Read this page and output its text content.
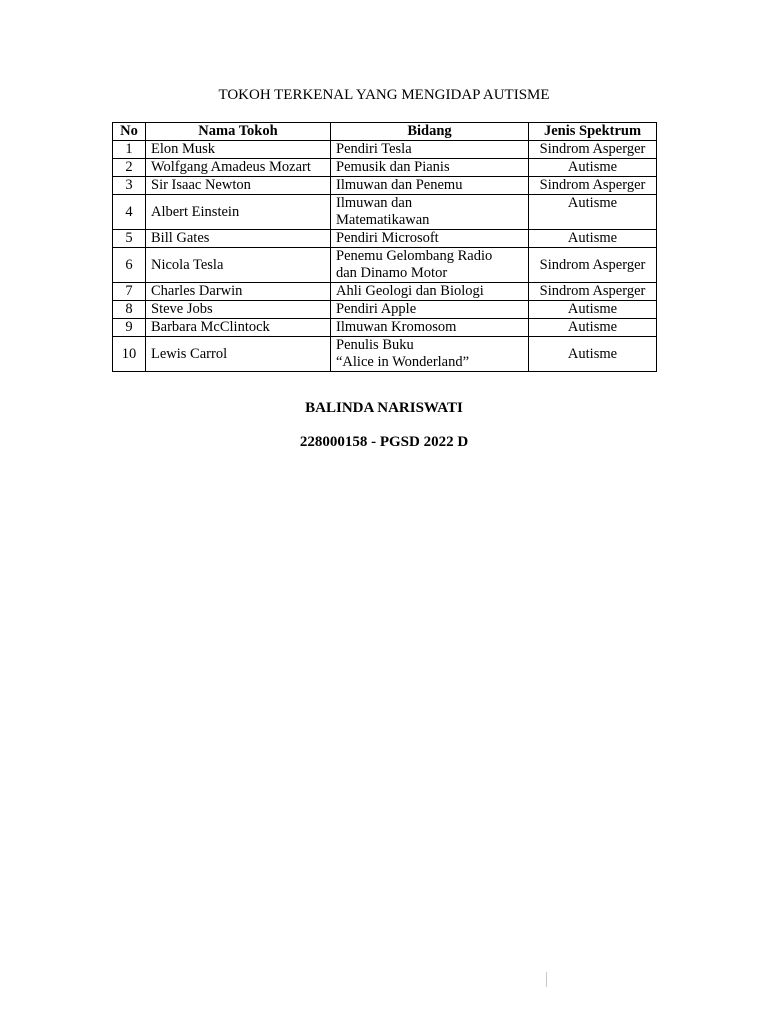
TOKOH TERKENAL YANG MENGIDAP AUTISME
No	Nama Tokoh	Bidang	Jenis Spektrum
1	Elon Musk	Pendiri Tesla	Sindrom Asperger
2	Wolfgang Amadeus Mozart	Pemusik dan Pianis	Autisme
3	Sir Isaac Newton	Ilmuwan dan Penemu	Sindrom Asperger
4	Albert Einstein	Ilmuwan dan
Matematikawan	Autisme
5	Bill Gates	Pendiri Microsoft	Autisme
6	Nicola Tesla	Penemu Gelombang Radio
dan Dinamo Motor	Sindrom Asperger
7	Charles Darwin	Ahli Geologi dan Biologi	Sindrom Asperger
8	Steve Jobs	Pendiri Apple	Autisme
9	Barbara McClintock	Ilmuwan Kromosom	Autisme
10	Lewis Carrol	Penulis Buku
“Alice in Wonderland”	Autisme
BALINDA NARISWATI
228000158 - PGSD 2022 D
